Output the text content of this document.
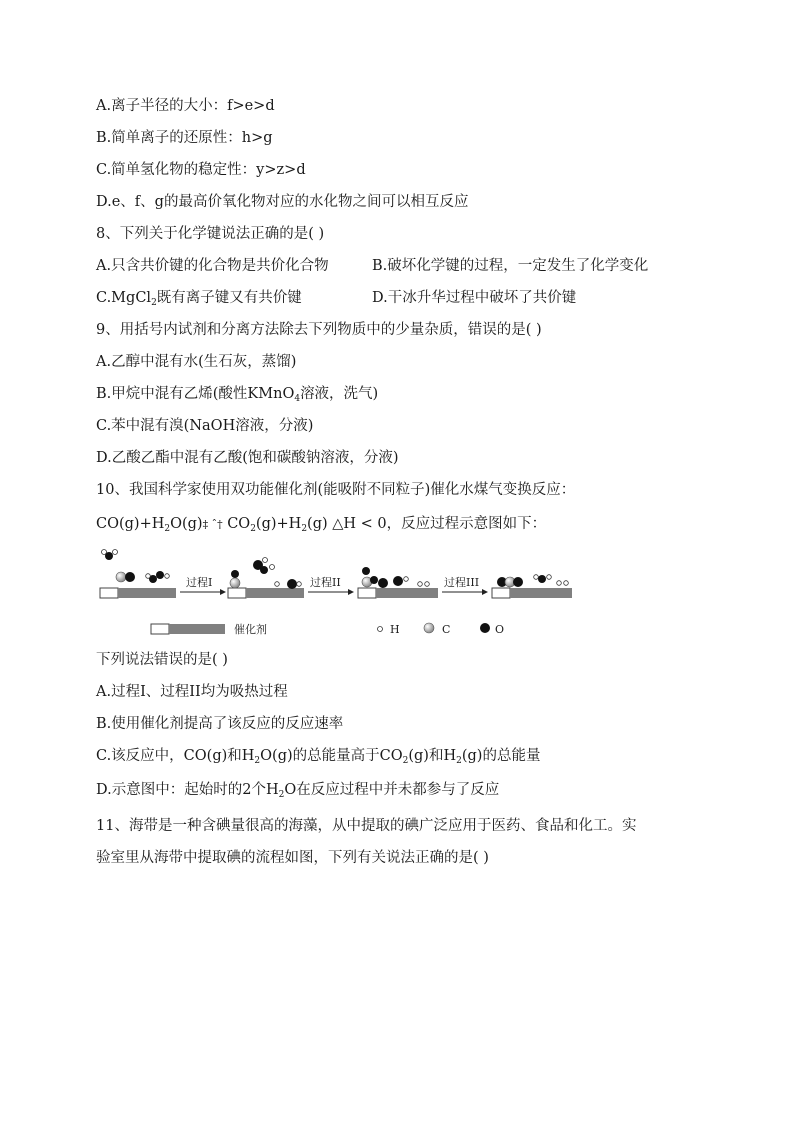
A.离子半径的大小：f>e>d
B.简单离子的还原性：h>g
C.简单氢化物的稳定性：y>z>d
D.e、f、g的最高价氧化物对应的水化物之间可以相互反应
8、下列关于化学键说法正确的是( )
A.只含共价键的化合物是共价化合物	B.破坏化学键的过程，一定发生了化学变化
C.MgCl$_2$既有离子键又有共价键	D.干冰升华过程中破坏了共价键
9、用括号内试剂和分离方法除去下列物质中的少量杂质，错误的是( )
A.乙醇中混有水(生石灰，蒸馏)
B.甲烷中混有乙烯(酸性KMnO$_4$溶液，洗气)
C.苯中混有溴(NaOH溶液，分液)
D.乙酸乙酯中混有乙酸(饱和碳酸钠溶液，分液)
10、我国科学家使用双功能催化剂(能吸附不同粒子)催化水煤气变换反应：
$CO(g)+H_2O(g)\ddagger$ ˆ† $CO_2(g)+H_2(g)$ △H < 0，反应过程示意图如下：
过程I	过程II	过程III
催化剂	H	C	O
下列说法错误的是( )
A.过程I、过程II均为吸热过程
B.使用催化剂提高了该反应的反应速率
C.该反应中，CO(g)和$H_2O(g)$的总能量高于$CO_2(g)$和$H_2(g)$的总能量
D.示意图中：起始时的2个$H_2O$在反应过程中并未都参与了反应
11、海带是一种含碘量很高的海藻，从中提取的碘广泛应用于医药、食品和化工。实
验室里从海带中提取碘的流程如图，下列有关说法正确的是( )
